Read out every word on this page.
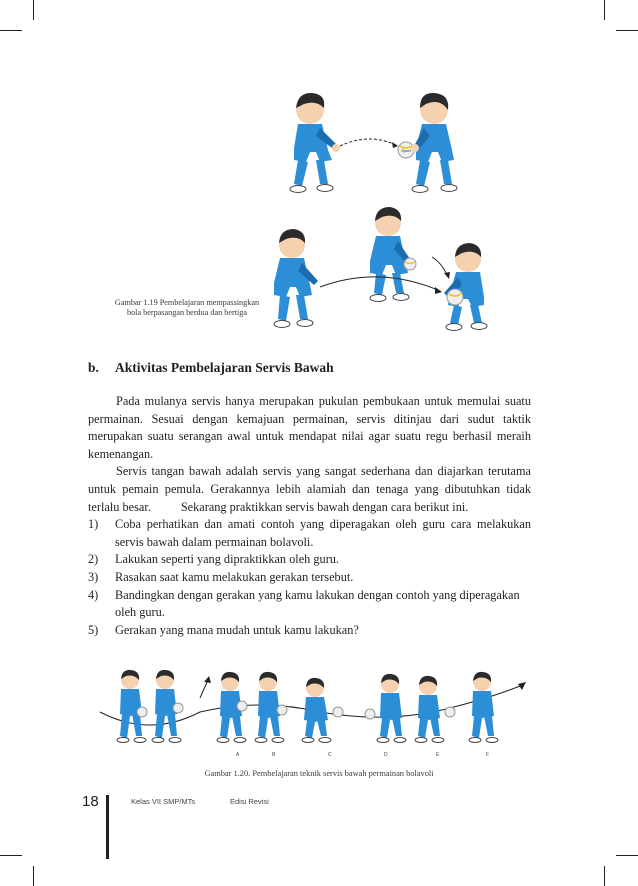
Sport
Gambar 1.19 Pembelajaran mempassingkan bola berpasangan berdua dan bertiga
b. Aktivitas Pembelajaran Servis Bawah

Pada mulanya servis hanya merupakan pukulan pembukaan untuk memulai suatu permainan. Sesuai dengan kemajuan permainan, servis ditinjau dari sudut taktik merupakan suatu serangan awal untuk mendapat nilai agar suatu regu berhasil meraih kemenangan.

Servis tangan bawah adalah servis yang sangat sederhana dan diajarkan terutama untuk pemain pemula. Gerakannya lebih alamiah dan tenaga yang dibutuhkan tidak terlalu besar. Sekarang praktikkan servis bawah dengan cara berikut ini.

1) Coba perhatikan dan amati contoh yang diperagakan oleh guru cara melakukan servis bawah dalam permainan bolavoli.
2) Lakukan seperti yang dipraktikkan oleh guru.
3) Rasakan saat kamu melakukan gerakan tersebut.
4) Bandingkan dengan gerakan yang kamu lakukan dengan contoh yang diperagakan
oleh guru.
5) Gerakan yang mana mudah untuk kamu lakukan?
A	B	C	D	E	F
Gambar 1.20. Pembelajaran teknik servis bawah permainan bolavoli
18	Kelas VII SMP/MTs	Edisi Revisi
